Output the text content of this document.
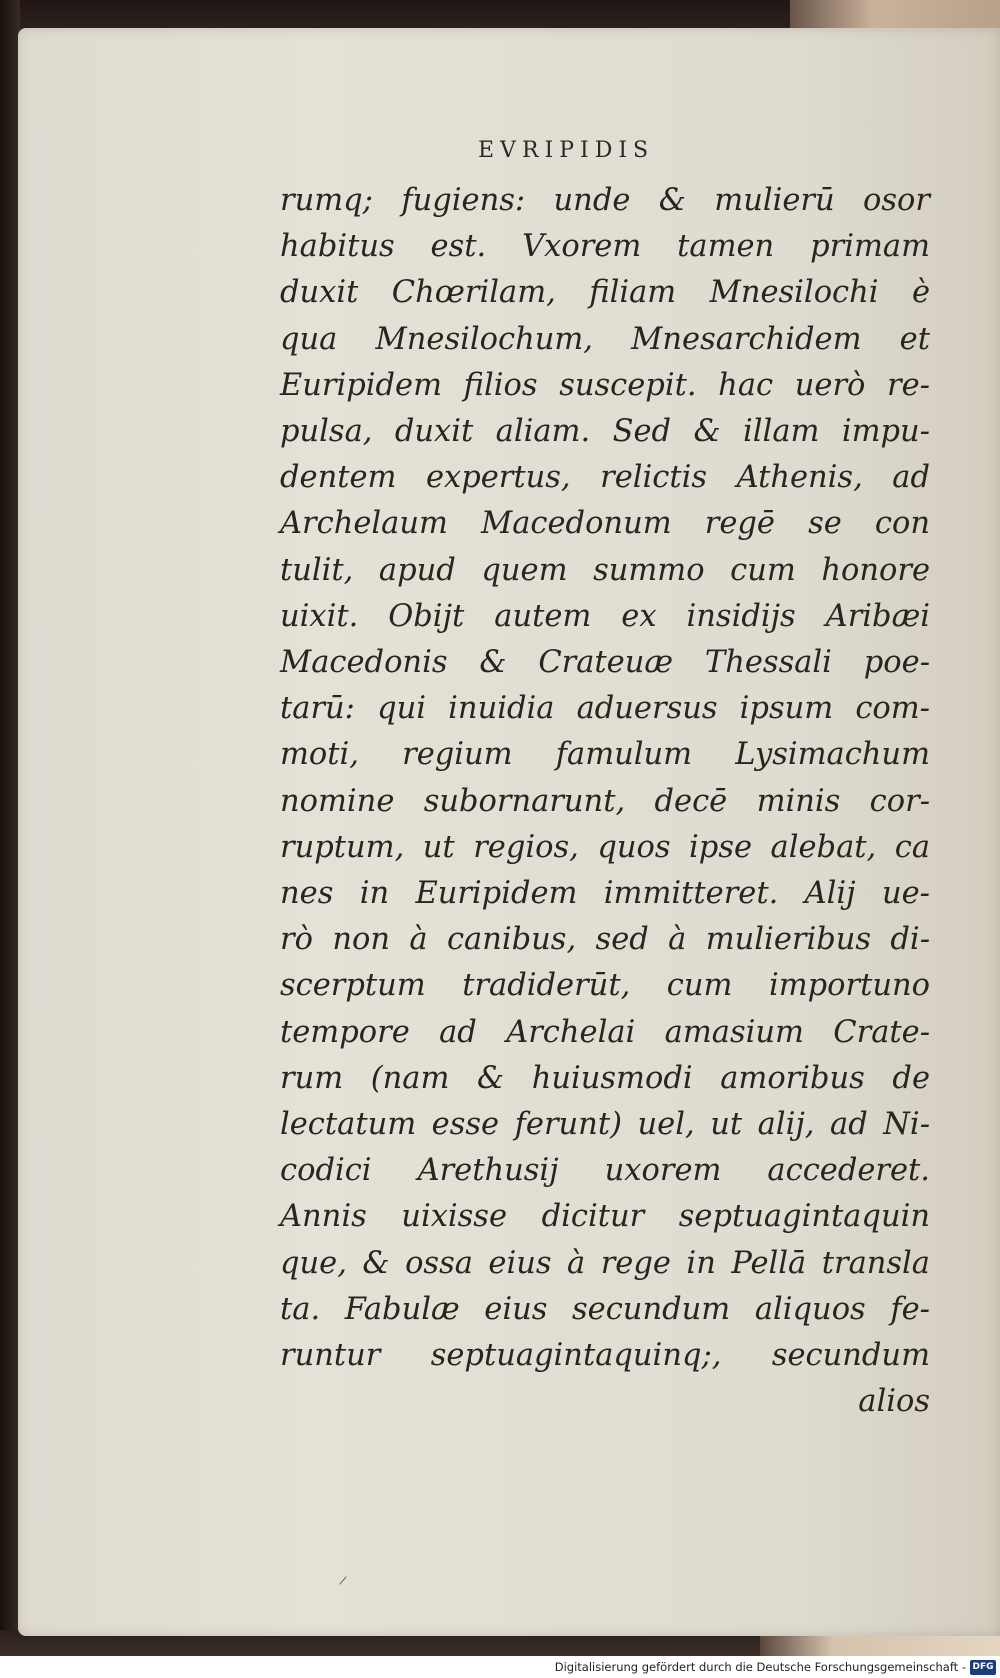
EVRIPIDIS
rumq; fugiens: unde & mulierū osor
habitus est. Vxorem tamen primam
duxit Chœrilam, filiam Mnesilochi è
qua Mnesilochum, Mnesarchidem et
Euripidem filios suscepit. hac uerò re-
pulsa, duxit aliam. Sed & illam impu-
dentem expertus, relictis Athenis, ad
Archelaum Macedonum regē se con
tulit, apud quem summo cum honore
uixit. Obijt autem ex insidijs Aribæi
Macedonis & Crateuæ Thessali poe-
tarū: qui inuidia aduersus ipsum com-
moti, regium famulum Lysimachum
nomine subornarunt, decē minis cor-
ruptum, ut regios, quos ipse alebat, ca
nes in Euripidem immitteret. Alij ue-
rò non à canibus, sed à mulieribus di-
scerptum tradiderūt, cum importuno
tempore ad Archelai amasium Crate-
rum (nam & huiusmodi amoribus de
lectatum esse ferunt) uel, ut alij, ad Ni-
codici Arethusij uxorem accederet.
Annis uixisse dicitur septuagintaquin
que, & ossa eius à rege in Pellā transla
ta. Fabulæ eius secundum aliquos fe-
runtur septuagintaquinq;, secundum
alios
Digitalisierung gefördert durch die Deutsche Forschungsgemeinschaft - DFG
